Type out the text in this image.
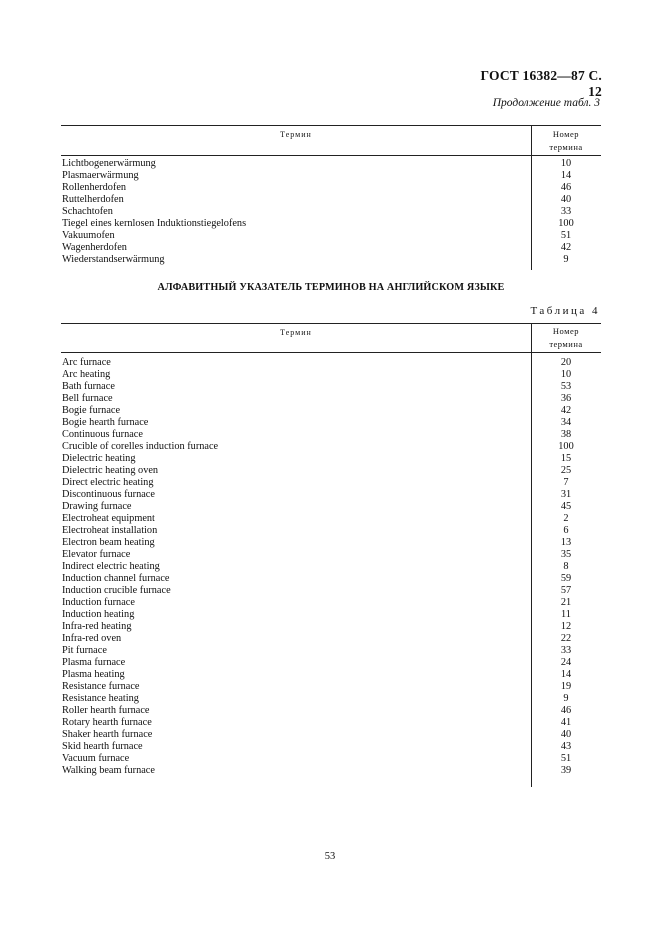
ГОСТ 16382—87 С. 12
Продолжение табл. 3
Термин	Номер
термина
Lichtbogenerwärmung	10
Plasmaerwärmung	14
Rollenherdofen	46
Ruttelherdofen	40
Schachtofen	33
Tiegel eines kernlosen Induktionstiegelofens	100
Vakuumofen	51
Wagenherdofen	42
Wiederstandserwärmung	9
АЛФАВИТНЫЙ УКАЗАТЕЛЬ ТЕРМИНОВ НА АНГЛИЙСКОМ ЯЗЫКЕ
Таблица 4
Термин	Номер
термина
Arc furnace	20
Arc heating	10
Bath furnace	53
Bell furnace	36
Bogie furnace	42
Bogie hearth furnace	34
Continuous furnace	38
Crucible of corelles induction furnace	100
Dielectric heating	15
Dielectric heating oven	25
Direct electric heating	7
Discontinuous furnace	31
Drawing furnace	45
Electroheat equipment	2
Electroheat installation	6
Electron beam heating	13
Elevator furnace	35
Indirect electric heating	8
Induction channel furnace	59
Induction crucible furnace	57
Induction furnace	21
Induction heating	11
Infra-red heating	12
Infra-red oven	22
Pit furnace	33
Plasma furnace	24
Plasma heating	14
Resistance furnace	19
Resistance heating	9
Roller hearth furnace	46
Rotary hearth furnace	41
Shaker hearth furnace	40
Skid hearth furnace	43
Vacuum furnace	51
Walking beam furnace	39
53
